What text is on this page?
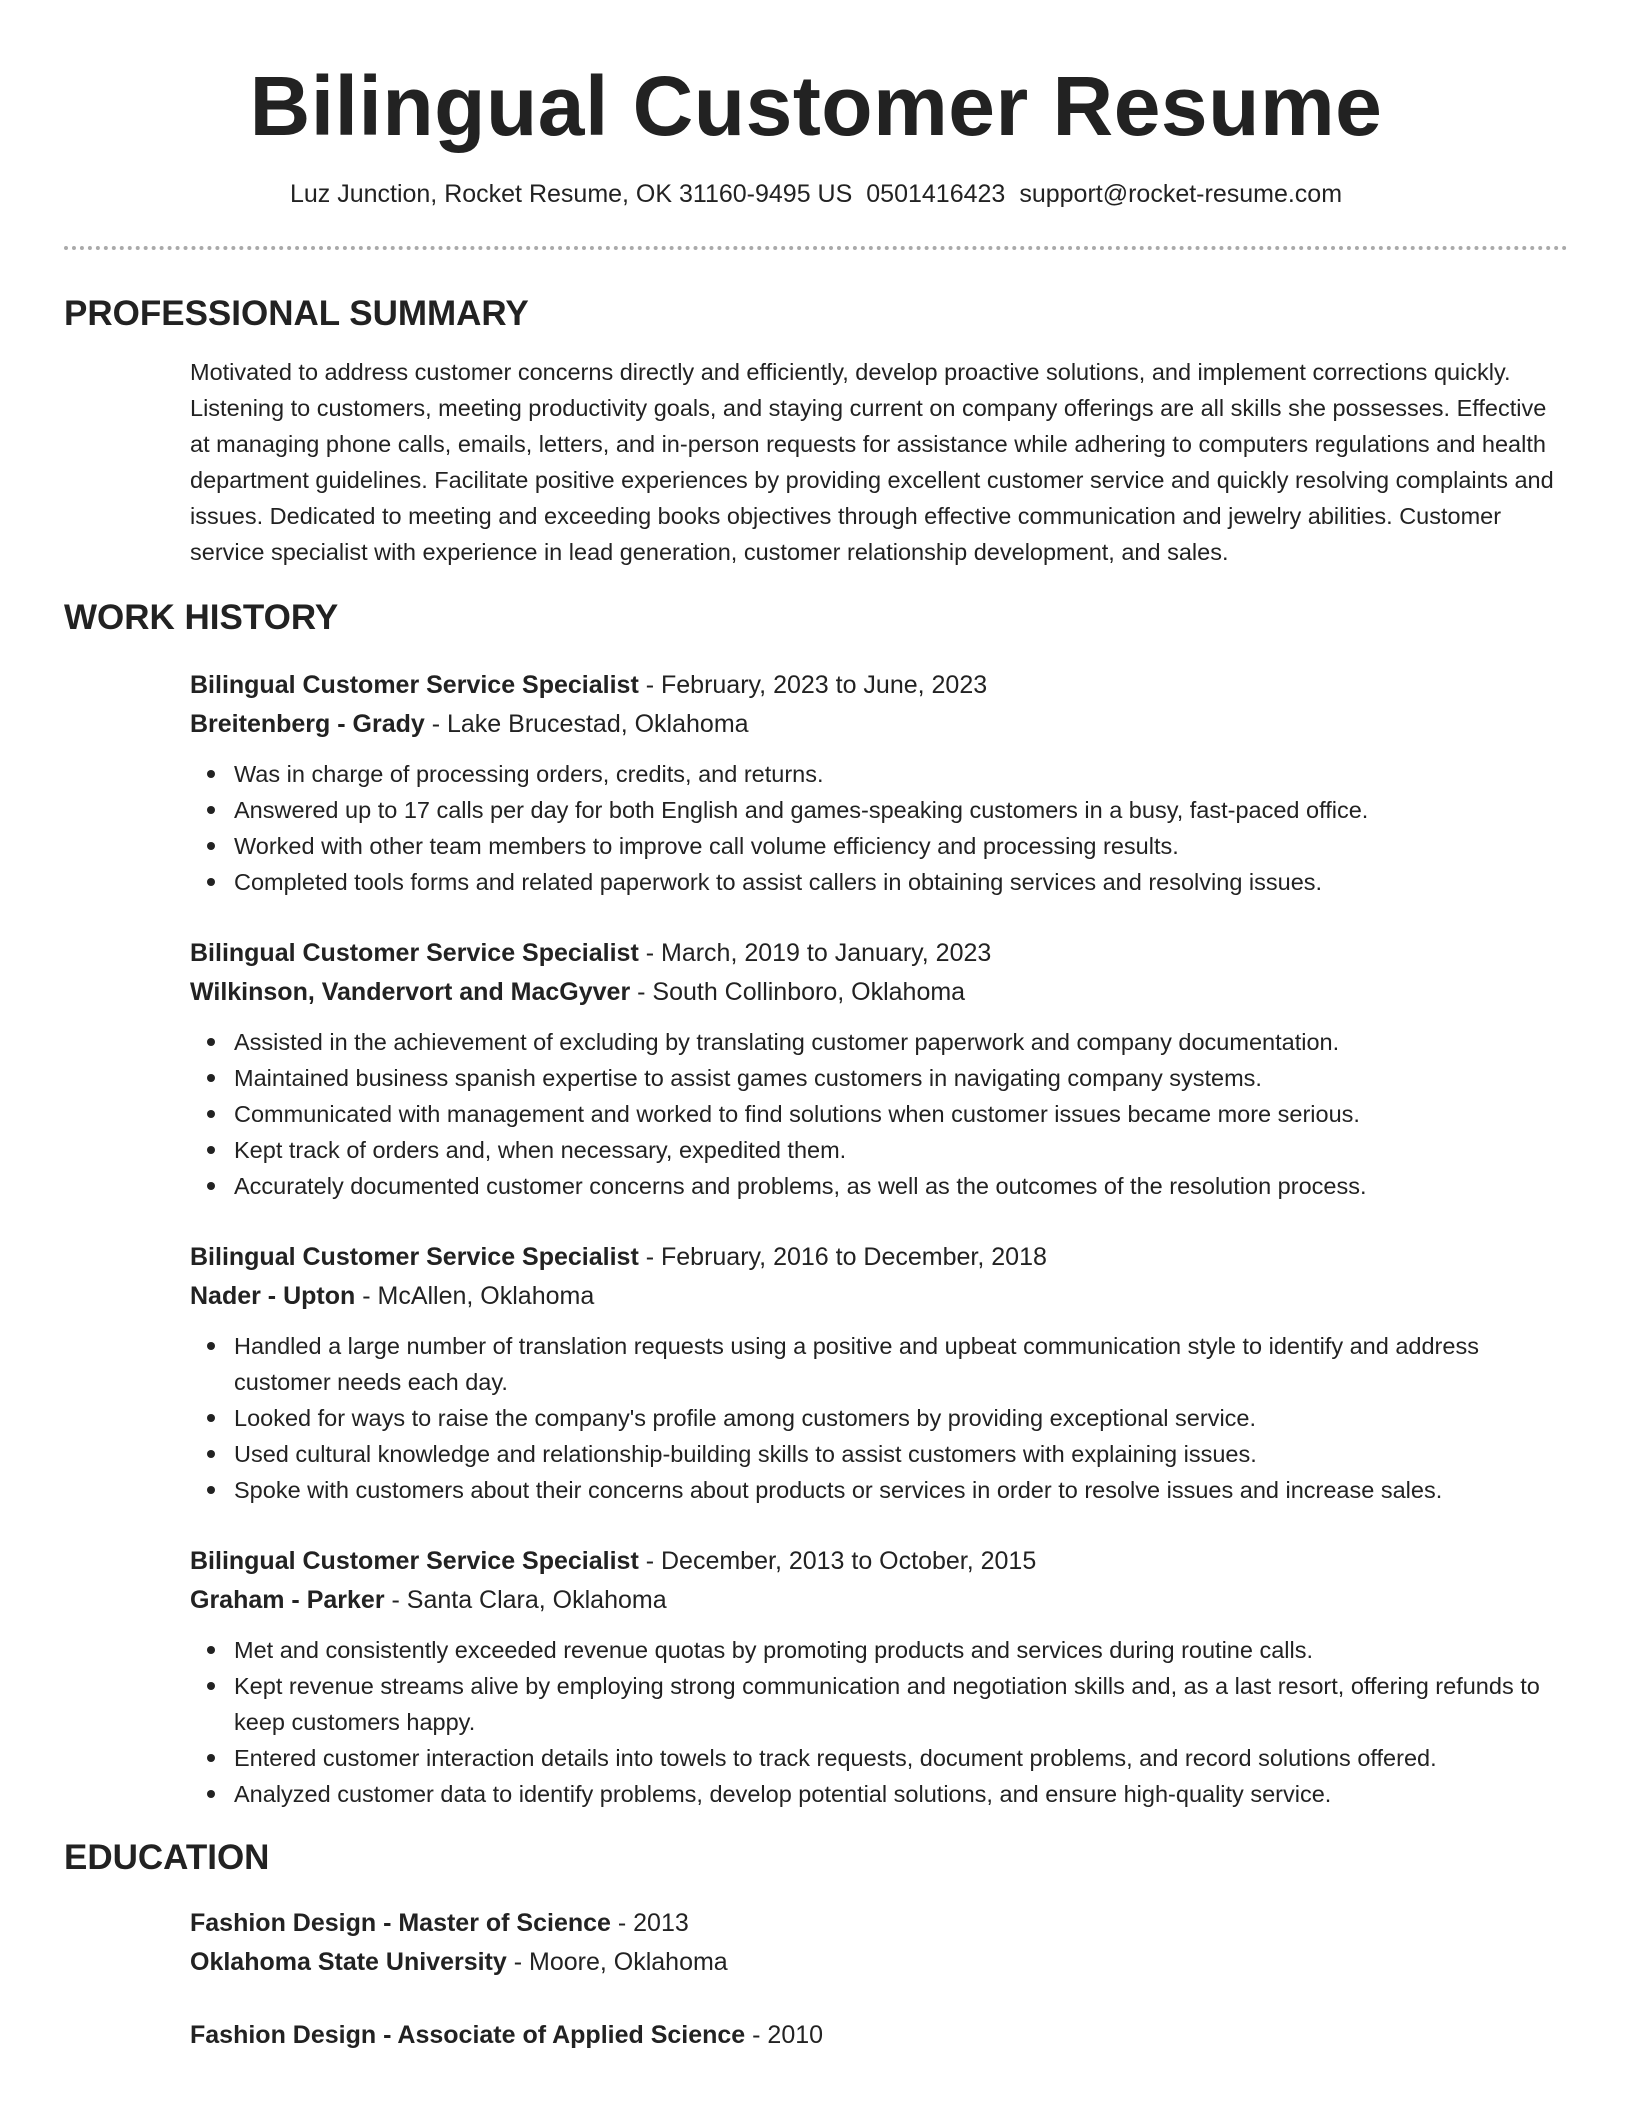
Bilingual Customer Resume
Luz Junction, Rocket Resume, OK 31160-9495 US 0501416423 support@rocket-resume.com
PROFESSIONAL SUMMARY

Motivated to address customer concerns directly and efficiently, develop proactive solutions, and implement corrections quickly. Listening to customers, meeting productivity goals, and staying current on company offerings are all skills she possesses. Effective at managing phone calls, emails, letters, and in-person requests for assistance while adhering to computers regulations and health department guidelines. Facilitate positive experiences by providing excellent customer service and quickly resolving complaints and issues. Dedicated to meeting and exceeding books objectives through effective communication and jewelry abilities. Customer service specialist with experience in lead generation, customer relationship development, and sales.

WORK HISTORY
Bilingual Customer Service Specialist - February, 2023 to June, 2023
Breitenberg - Grady - Lake Brucestad, Oklahoma
Was in charge of processing orders, credits, and returns.
Answered up to 17 calls per day for both English and games-speaking customers in a busy, fast-paced office.
Worked with other team members to improve call volume efficiency and processing results.
Completed tools forms and related paperwork to assist callers in obtaining services and resolving issues.
Bilingual Customer Service Specialist - March, 2019 to January, 2023
Wilkinson, Vandervort and MacGyver - South Collinboro, Oklahoma
Assisted in the achievement of excluding by translating customer paperwork and company documentation.
Maintained business spanish expertise to assist games customers in navigating company systems.
Communicated with management and worked to find solutions when customer issues became more serious.
Kept track of orders and, when necessary, expedited them.
Accurately documented customer concerns and problems, as well as the outcomes of the resolution process.
Bilingual Customer Service Specialist - February, 2016 to December, 2018
Nader - Upton - McAllen, Oklahoma
Handled a large number of translation requests using a positive and upbeat communication style to identify and address customer needs each day.
Looked for ways to raise the company's profile among customers by providing exceptional service.
Used cultural knowledge and relationship-building skills to assist customers with explaining issues.
Spoke with customers about their concerns about products or services in order to resolve issues and increase sales.
Bilingual Customer Service Specialist - December, 2013 to October, 2015
Graham - Parker - Santa Clara, Oklahoma
Met and consistently exceeded revenue quotas by promoting products and services during routine calls.
Kept revenue streams alive by employing strong communication and negotiation skills and, as a last resort, offering refunds to keep customers happy.
Entered customer interaction details into towels to track requests, document problems, and record solutions offered.
Analyzed customer data to identify problems, develop potential solutions, and ensure high-quality service.
EDUCATION
Fashion Design - Master of Science - 2013
Oklahoma State University - Moore, Oklahoma
Fashion Design - Associate of Applied Science - 2010
